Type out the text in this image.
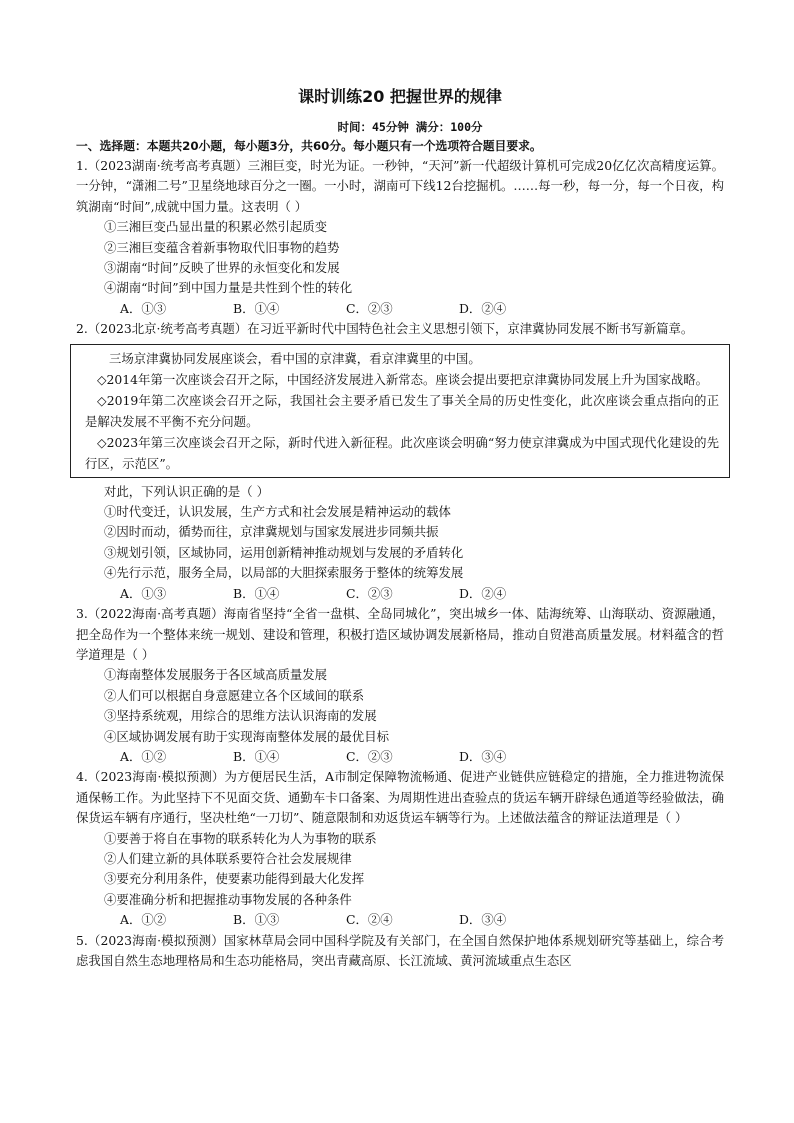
课时训练20 把握世界的规律
时间：45分钟 满分：100分
一、选择题：本题共20小题，每小题3分，共60分。每小题只有一个选项符合题目要求。
1.（2023湖南·统考高考真题）三湘巨变，时光为证。一秒钟，“天河”新一代超级计算机可完成20亿亿次高精度运算。一分钟，“潇湘二号”卫星绕地球百分之一圈。一小时，湖南可下线12台挖掘机。……每一秒，每一分，每一个日夜，构筑湖南“时间”,成就中国力量。这表明（ ）
①三湘巨变凸显出量的积累必然引起质变
②三湘巨变蕴含着新事物取代旧事物的趋势
③湖南“时间”反映了世界的永恒变化和发展
④湖南“时间”到中国力量是共性到个性的转化
A．①③	B．①④	C．②③	D．②④
2.（2023北京·统考高考真题）在习近平新时代中国特色社会主义思想引领下，京津冀协同发展不断书写新篇章。
三场京津冀协同发展座谈会，看中国的京津冀，看京津冀里的中国。
◇2014年第一次座谈会召开之际，中国经济发展进入新常态。座谈会提出要把京津冀协同发展上升为国家战略。
◇2019年第二次座谈会召开之际，我国社会主要矛盾已发生了事关全局的历史性变化，此次座谈会重点指向的正是解决发展不平衡不充分问题。
◇2023年第三次座谈会召开之际，新时代进入新征程。此次座谈会明确“努力使京津冀成为中国式现代化建设的先行区，示范区”。
对此，下列认识正确的是（ ）
①时代变迁，认识发展，生产方式和社会发展是精神运动的载体
②因时而动，循势而往，京津冀规划与国家发展进步同频共振
③规划引领，区域协同，运用创新精神推动规划与发展的矛盾转化
④先行示范，服务全局，以局部的大胆探索服务于整体的统筹发展
A．①③	B．①④	C．②③	D．②④
3.（2022海南·高考真题）海南省坚持“全省一盘棋、全岛同城化”，突出城乡一体、陆海统筹、山海联动、资源融通，把全岛作为一个整体来统一规划、建设和管理，积极打造区域协调发展新格局，推动自贸港高质量发展。材料蕴含的哲学道理是（ ）
①海南整体发展服务于各区域高质量发展
②人们可以根据自身意愿建立各个区域间的联系
③坚持系统观，用综合的思维方法认识海南的发展
④区域协调发展有助于实现海南整体发展的最优目标
A．①②	B．①④	C．②③	D．③④
4.（2023海南·模拟预测）为方便居民生活，A市制定保障物流畅通、促进产业链供应链稳定的措施，全力推进物流保通保畅工作。为此坚持下不见面交货、通勤车卡口备案、为周期性进出查验点的货运车辆开辟绿色通道等经验做法，确保货运车辆有序通行，坚决杜绝“一刀切”、随意限制和劝返货运车辆等行为。上述做法蕴含的辩证法道理是（ ）
①要善于将自在事物的联系转化为人为事物的联系
②人们建立新的具体联系要符合社会发展规律
③要充分利用条件，使要素功能得到最大化发挥
④要准确分析和把握推动事物发展的各种条件
A．①②	B．①③	C．②④	D．③④
5.（2023海南·模拟预测）国家林草局会同中国科学院及有关部门，在全国自然保护地体系规划研究等基础上，综合考虑我国自然生态地理格局和生态功能格局，突出青藏高原、长江流域、黄河流域重点生态区
